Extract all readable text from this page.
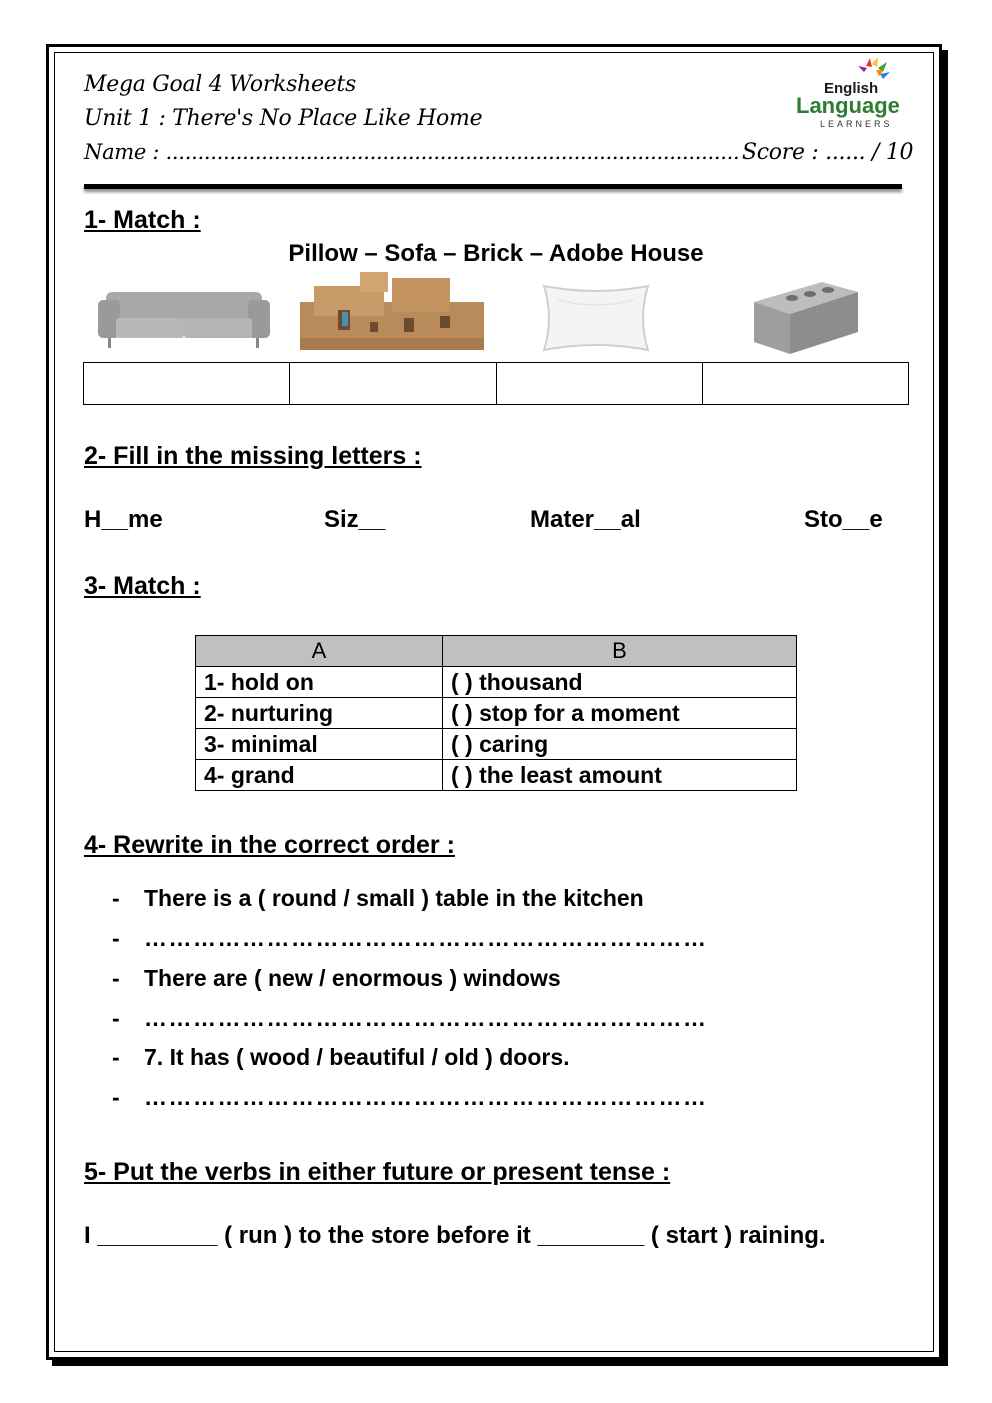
Mega Goal 4 Worksheets
Unit 1 : There's No Place Like Home
Name : .......................................................................................... Score : ...... / 10
English
Language
LEARNERS
1- Match :
Pillow – Sofa – Brick – Adobe House
2- Fill in the missing letters :
H__me	Siz__	Mater__al	Sto__e
3- Match :
A	B
1- hold on	( ) thousand
2- nurturing	( ) stop for a moment
3- minimal	( ) caring
4- grand	( ) the least amount
4- Rewrite in the correct order :
-	There is a ( round / small ) table in the kitchen
-	……………………………………………………………
-	There are ( new / enormous ) windows
-	……………………………………………………………
-	7. It has ( wood / beautiful / old ) doors.
-	……………………………………………………………
5- Put the verbs in either future or present tense :
I _________ ( run ) to the store before it ________ ( start ) raining.
